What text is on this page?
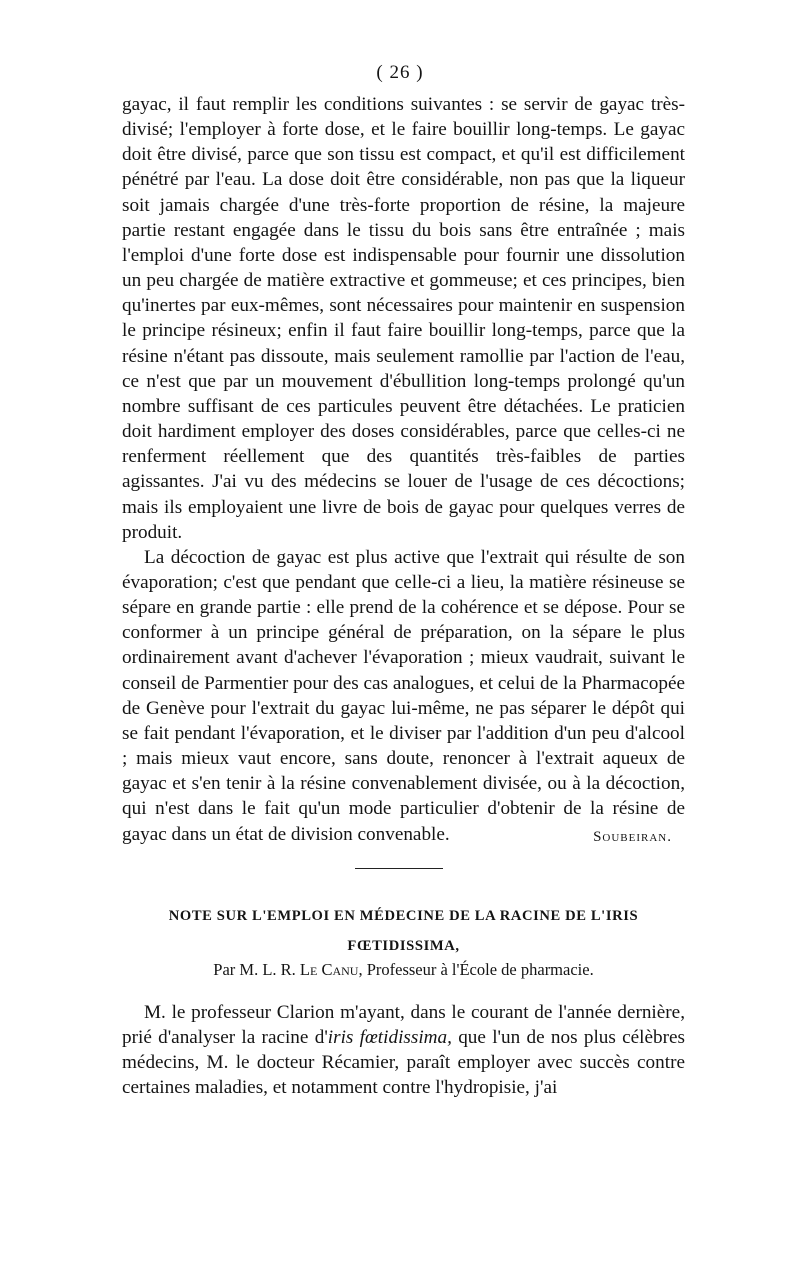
( 26 )

gayac, il faut remplir les conditions suivantes : se servir de gayac très-divisé; l'employer à forte dose, et le faire bouillir long-temps. Le gayac doit être divisé, parce que son tissu est compact, et qu'il est difficilement pénétré par l'eau. La dose doit être considérable, non pas que la liqueur soit jamais chargée d'une très-forte proportion de résine, la majeure partie restant engagée dans le tissu du bois sans être entraînée ; mais l'emploi d'une forte dose est indispensable pour fournir une dissolution un peu chargée de matière extractive et gommeuse; et ces principes, bien qu'inertes par eux-mêmes, sont nécessaires pour maintenir en suspension le principe résineux; enfin il faut faire bouillir long-temps, parce que la résine n'étant pas dissoute, mais seulement ramollie par l'action de l'eau, ce n'est que par un mouvement d'ébullition long-temps prolongé qu'un nombre suffisant de ces particules peuvent être détachées. Le praticien doit hardiment employer des doses considérables, parce que celles-ci ne renferment réellement que des quantités très-faibles de parties agissantes. J'ai vu des médecins se louer de l'usage de ces décoctions; mais ils employaient une livre de bois de gayac pour quelques verres de produit.

La décoction de gayac est plus active que l'extrait qui résulte de son évaporation; c'est que pendant que celle-ci a lieu, la matière résineuse se sépare en grande partie : elle prend de la cohérence et se dépose. Pour se conformer à un principe général de préparation, on la sépare le plus ordinairement avant d'achever l'évaporation ; mieux vaudrait, suivant le conseil de Parmentier pour des cas analogues, et celui de la Pharmacopée de Genève pour l'extrait du gayac lui-même, ne pas séparer le dépôt qui se fait pendant l'évaporation, et le diviser par l'addition d'un peu d'alcool ; mais mieux vaut encore, sans doute, renoncer à l'extrait aqueux de gayac et s'en tenir à la résine convenablement divisée, ou à la décoction, qui n'est dans le fait qu'un mode particulier d'obtenir de la résine de gayac dans un état de division convenable.	Soubeiran.
NOTE SUR L'EMPLOI EN MÉDECINE DE LA RACINE DE L'IRIS
FŒTIDISSIMA,
Par M. L. R. Le Canu, Professeur à l'École de pharmacie.

M. le professeur Clarion m'ayant, dans le courant de l'année dernière, prié d'analyser la racine d'iris fœtidissima, que l'un de nos plus célèbres médecins, M. le docteur Récamier, paraît employer avec succès contre certaines maladies, et notamment contre l'hydropisie, j'ai
